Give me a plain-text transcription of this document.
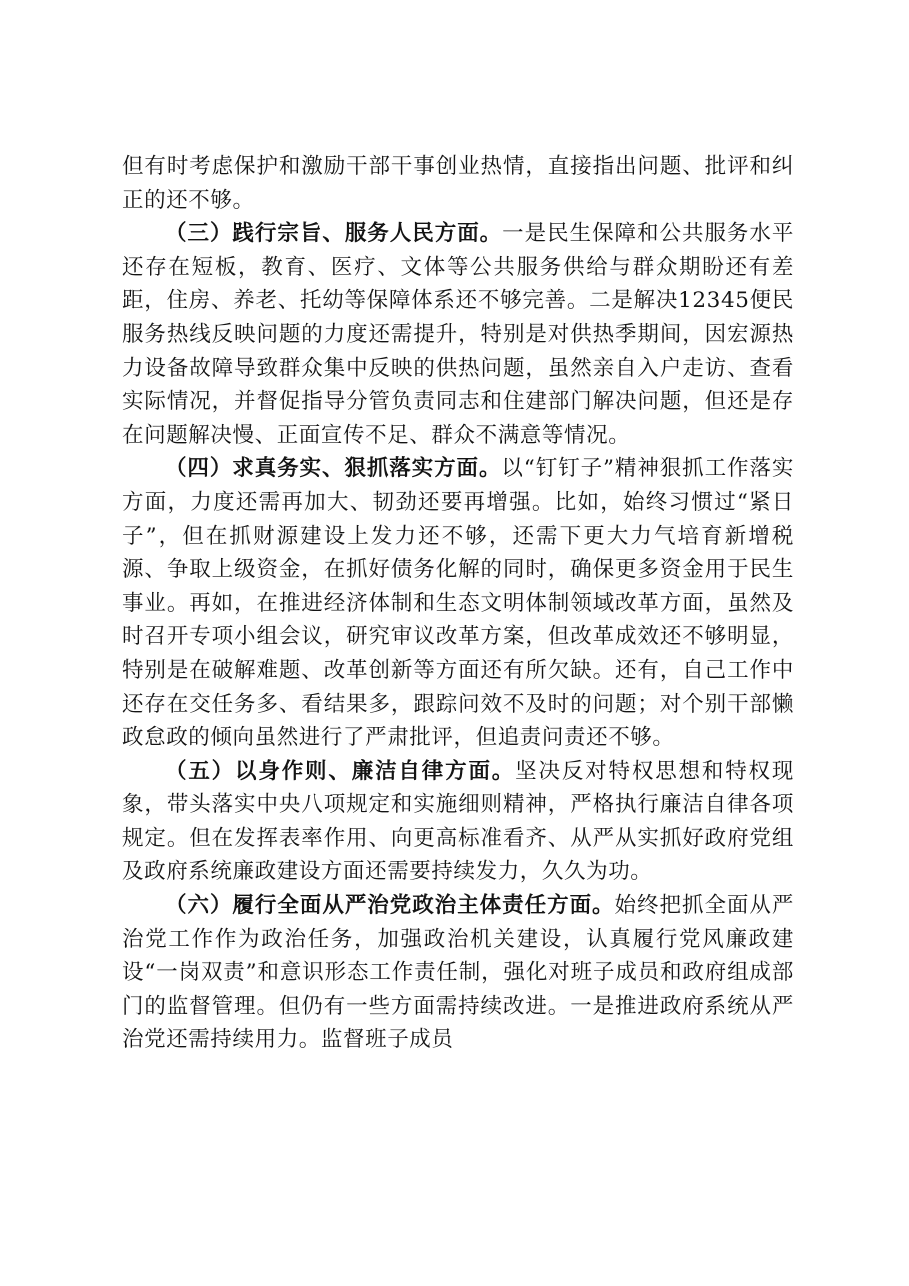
但有时考虑保护和激励干部干事创业热情，直接指出问题、批评和纠正的还不够。

（三）践行宗旨、服务人民方面。一是民生保障和公共服务水平还存在短板，教育、医疗、文体等公共服务供给与群众期盼还有差距，住房、养老、托幼等保障体系还不够完善。二是解决12345便民服务热线反映问题的力度还需提升，特别是对供热季期间，因宏源热力设备故障导致群众集中反映的供热问题，虽然亲自入户走访、查看实际情况，并督促指导分管负责同志和住建部门解决问题，但还是存在问题解决慢、正面宣传不足、群众不满意等情况。

（四）求真务实、狠抓落实方面。以“钉钉子”精神狠抓工作落实方面，力度还需再加大、韧劲还要再增强。比如，始终习惯过“紧日子”，但在抓财源建设上发力还不够，还需下更大力气培育新增税源、争取上级资金，在抓好债务化解的同时，确保更多资金用于民生事业。再如，在推进经济体制和生态文明体制领域改革方面，虽然及时召开专项小组会议，研究审议改革方案，但改革成效还不够明显，特别是在破解难题、改革创新等方面还有所欠缺。还有，自己工作中还存在交任务多、看结果多，跟踪问效不及时的问题；对个别干部懒政怠政的倾向虽然进行了严肃批评，但追责问责还不够。

（五）以身作则、廉洁自律方面。坚决反对特权思想和特权现象，带头落实中央八项规定和实施细则精神，严格执行廉洁自律各项规定。但在发挥表率作用、向更高标准看齐、从严从实抓好政府党组及政府系统廉政建设方面还需要持续发力，久久为功。

（六）履行全面从严治党政治主体责任方面。始终把抓全面从严治党工作作为政治任务，加强政治机关建设，认真履行党风廉政建设“一岗双责”和意识形态工作责任制，强化对班子成员和政府组成部门的监督管理。但仍有一些方面需持续改进。一是推进政府系统从严治党还需持续用力。监督班子成员
